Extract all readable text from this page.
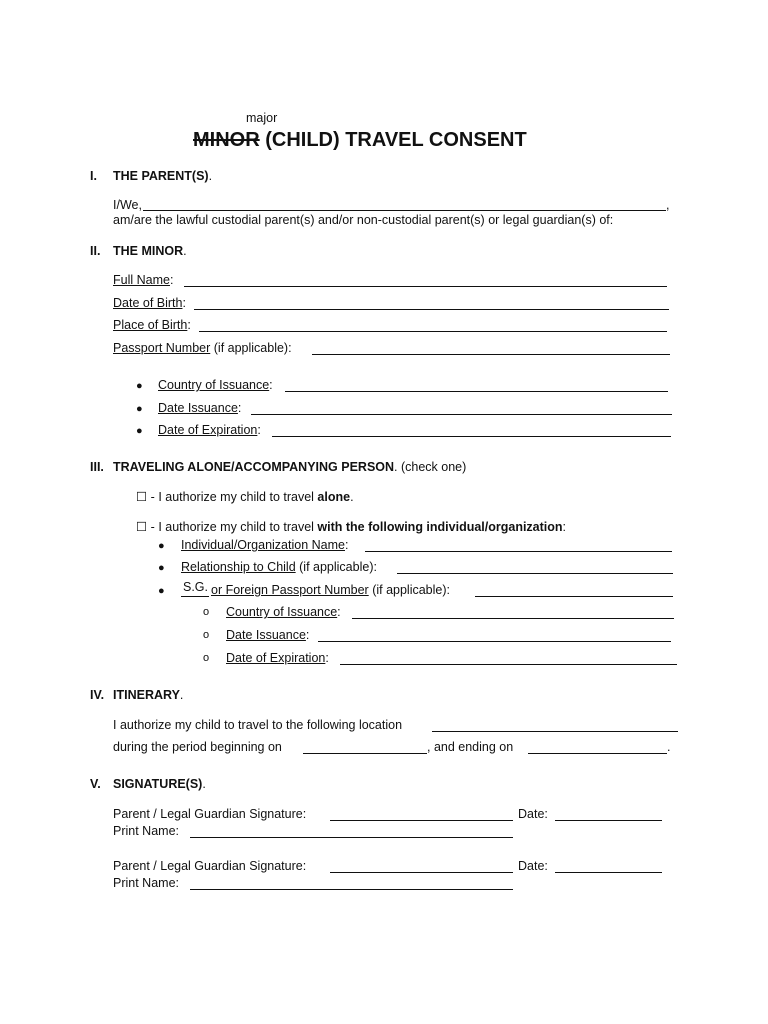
major
MINOR (CHILD) TRAVEL CONSENT
I. THE PARENT(S).
I/We,	,
am/are the lawful custodial parent(s) and/or non-custodial parent(s) or legal guardian(s) of:
II. THE MINOR.
Full Name:
Date of Birth:
Place of Birth:
Passport Number (if applicable):
● Country of Issuance:
● Date Issuance:
● Date of Expiration:
III. TRAVELING ALONE/ACCOMPANYING PERSON. (check one)
☐ - I authorize my child to travel alone.
☐ - I authorize my child to travel with the following individual/organization:
● Individual/Organization Name:
● Relationship to Child (if applicable):
● S.G. or Foreign Passport Number (if applicable):
o Country of Issuance:
o Date Issuance:
o Date of Expiration:
IV. ITINERARY.
I authorize my child to travel to the following location
during the period beginning on	, and ending on	.
V. SIGNATURE(S).
Parent / Legal Guardian Signature:	Date:
Print Name:
Parent / Legal Guardian Signature:	Date:
Print Name:
